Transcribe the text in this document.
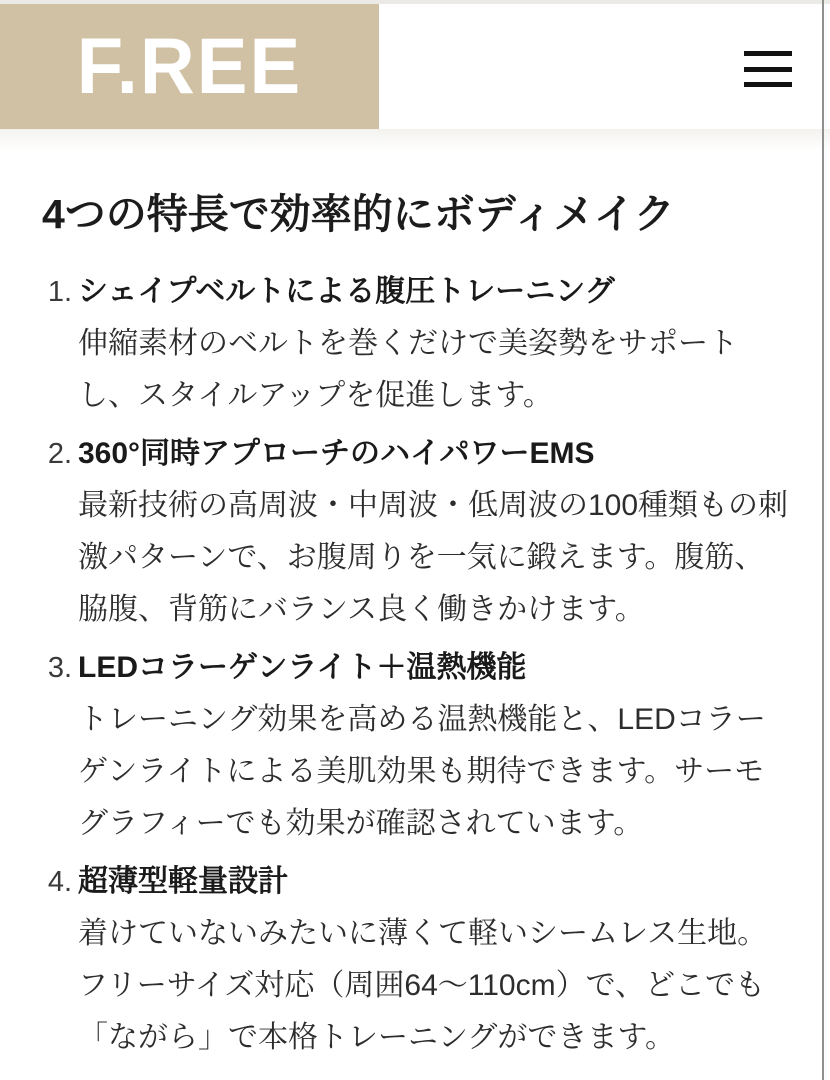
F.REE
4つの特長で効率的にボディメイク
1. シェイプベルトによる腹圧トレーニング
伸縮素材のベルトを巻くだけで美姿勢をサポート
し、スタイルアップを促進します。
2. 360°同時アプローチのハイパワーEMS
最新技術の高周波・中周波・低周波の100種類もの刺
激パターンで、お腹周りを一気に鍛えます。腹筋、
脇腹、背筋にバランス良く働きかけます。
3. LEDコラーゲンライト＋温熱機能
トレーニング効果を高める温熱機能と、LEDコラー
ゲンライトによる美肌効果も期待できます。サーモ
グラフィーでも効果が確認されています。
4. 超薄型軽量設計
着けていないみたいに薄くて軽いシームレス生地。
フリーサイズ対応（周囲64～110cm）で、どこでも
「ながら」で本格トレーニングができます。
